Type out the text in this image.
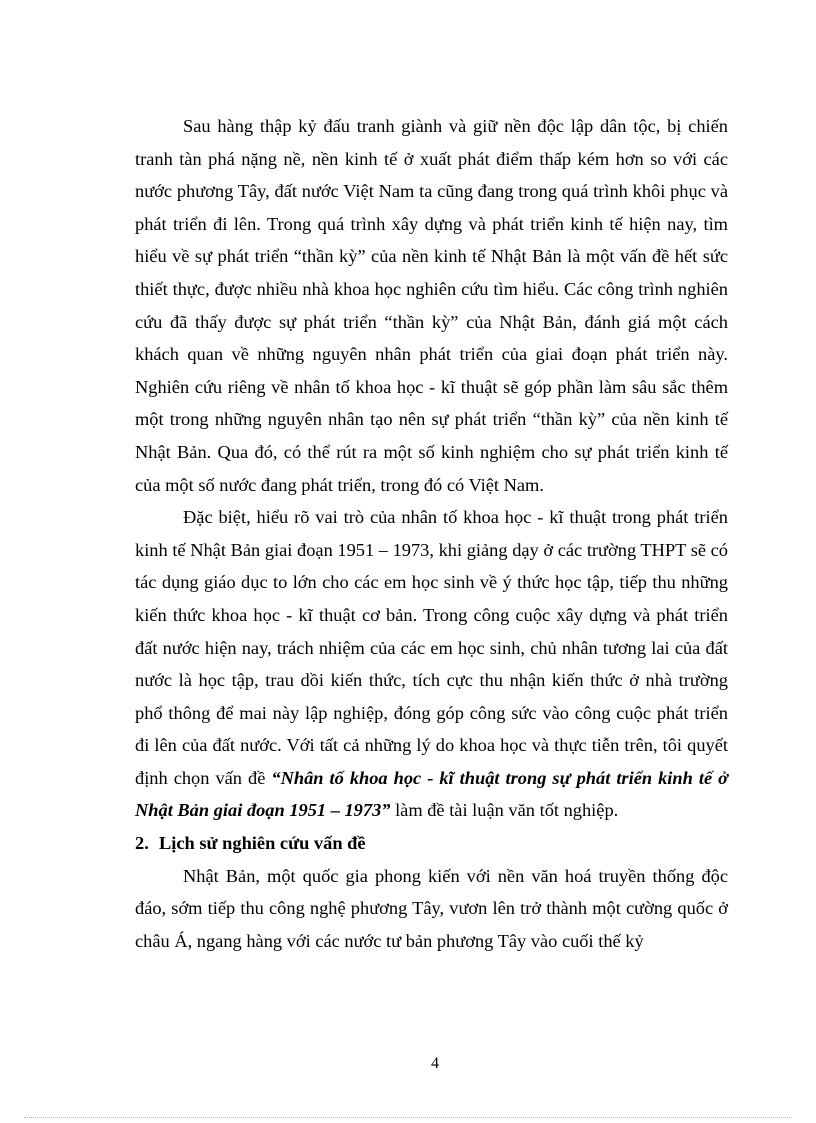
Sau hàng thập kỷ đấu tranh giành và giữ nền độc lập dân tộc, bị chiến tranh tàn phá nặng nề, nền kinh tế ở xuất phát điểm thấp kém hơn so với các nước phương Tây, đất nước Việt Nam ta cũng đang trong quá trình khôi phục và phát triển đi lên. Trong quá trình xây dựng và phát triển kinh tế hiện nay, tìm hiểu về sự phát triển “thần kỳ” của nền kinh tế Nhật Bản là một vấn đề hết sức thiết thực, được nhiều nhà khoa học nghiên cứu tìm hiểu. Các công trình nghiên cứu đã thấy được sự phát triển “thần kỳ” của Nhật Bản, đánh giá một cách khách quan về những nguyên nhân phát triển của giai đoạn phát triển này. Nghiên cứu riêng về nhân tố khoa học - kĩ thuật sẽ góp phần làm sâu sắc thêm một trong những nguyên nhân tạo nên sự phát triển “thần kỳ” của nền kinh tế Nhật Bản. Qua đó, có thể rút ra một số kinh nghiệm cho sự phát triển kinh tế của một số nước đang phát triển, trong đó có Việt Nam.

Đặc biệt, hiểu rõ vai trò của nhân tố khoa học - kĩ thuật trong phát triển kinh tế Nhật Bản giai đoạn 1951 – 1973, khi giảng dạy ở các trường THPT sẽ có tác dụng giáo dục to lớn cho các em học sinh về ý thức học tập, tiếp thu những kiến thức khoa học - kĩ thuật cơ bản. Trong công cuộc xây dựng và phát triển đất nước hiện nay, trách nhiệm của các em học sinh, chủ nhân tương lai của đất nước là học tập, trau dồi kiến thức, tích cực thu nhận kiến thức ở nhà trường phổ thông để mai này lập nghiệp, đóng góp công sức vào công cuộc phát triển đi lên của đất nước. Với tất cả những lý do khoa học và thực tiễn trên, tôi quyết định chọn vấn đề “Nhân tố khoa học - kĩ thuật trong sự phát triển kinh tế ở Nhật Bản giai đoạn 1951 – 1973” làm đề tài luận văn tốt nghiệp.

2. Lịch sử nghiên cứu vấn đề

Nhật Bản, một quốc gia phong kiến với nền văn hoá truyền thống độc đáo, sớm tiếp thu công nghệ phương Tây, vươn lên trở thành một cường quốc ở châu Á, ngang hàng với các nước tư bản phương Tây vào cuối thế kỷ

4
